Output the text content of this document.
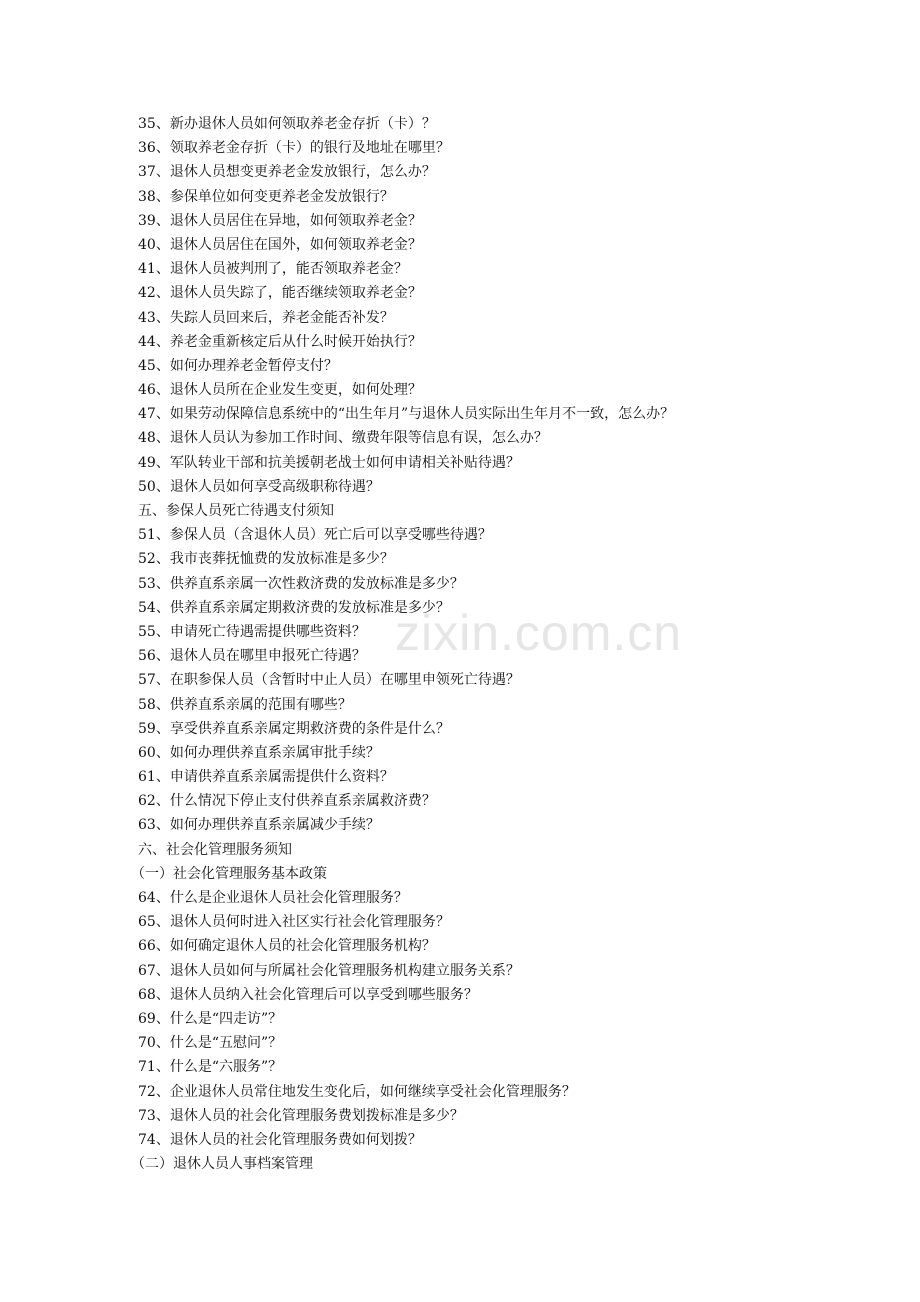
zixin.com.cn
35、新办退休人员如何领取养老金存折（卡）？
36、领取养老金存折（卡）的银行及地址在哪里？
37、退休人员想变更养老金发放银行，怎么办？
38、参保单位如何变更养老金发放银行？
39、退休人员居住在异地，如何领取养老金？
40、退休人员居住在国外，如何领取养老金？
41、退休人员被判刑了，能否领取养老金？
42、退休人员失踪了，能否继续领取养老金？
43、失踪人员回来后，养老金能否补发？
44、养老金重新核定后从什么时候开始执行？
45、如何办理养老金暂停支付？
46、退休人员所在企业发生变更，如何处理？
47、如果劳动保障信息系统中的“出生年月”与退休人员实际出生年月不一致，怎么办？
48、退休人员认为参加工作时间、缴费年限等信息有误，怎么办？
49、军队转业干部和抗美援朝老战士如何申请相关补贴待遇？
50、退休人员如何享受高级职称待遇？
五、参保人员死亡待遇支付须知
51、参保人员（含退休人员）死亡后可以享受哪些待遇？
52、我市丧葬抚恤费的发放标准是多少？
53、供养直系亲属一次性救济费的发放标准是多少？
54、供养直系亲属定期救济费的发放标准是多少？
55、申请死亡待遇需提供哪些资料？
56、退休人员在哪里申报死亡待遇？
57、在职参保人员（含暂时中止人员）在哪里申领死亡待遇？
58、供养直系亲属的范围有哪些？
59、享受供养直系亲属定期救济费的条件是什么？
60、如何办理供养直系亲属审批手续？
61、申请供养直系亲属需提供什么资料？
62、什么情况下停止支付供养直系亲属救济费？
63、如何办理供养直系亲属减少手续？
六、社会化管理服务须知
（一）社会化管理服务基本政策
64、什么是企业退休人员社会化管理服务？
65、退休人员何时进入社区实行社会化管理服务？
66、如何确定退休人员的社会化管理服务机构？
67、退休人员如何与所属社会化管理服务机构建立服务关系？
68、退休人员纳入社会化管理后可以享受到哪些服务？
69、什么是“四走访”？
70、什么是“五慰问”？
71、什么是“六服务”？
72、企业退休人员常住地发生变化后，如何继续享受社会化管理服务？
73、退休人员的社会化管理服务费划拨标准是多少？
74、退休人员的社会化管理服务费如何划拨？
（二）退休人员人事档案管理
